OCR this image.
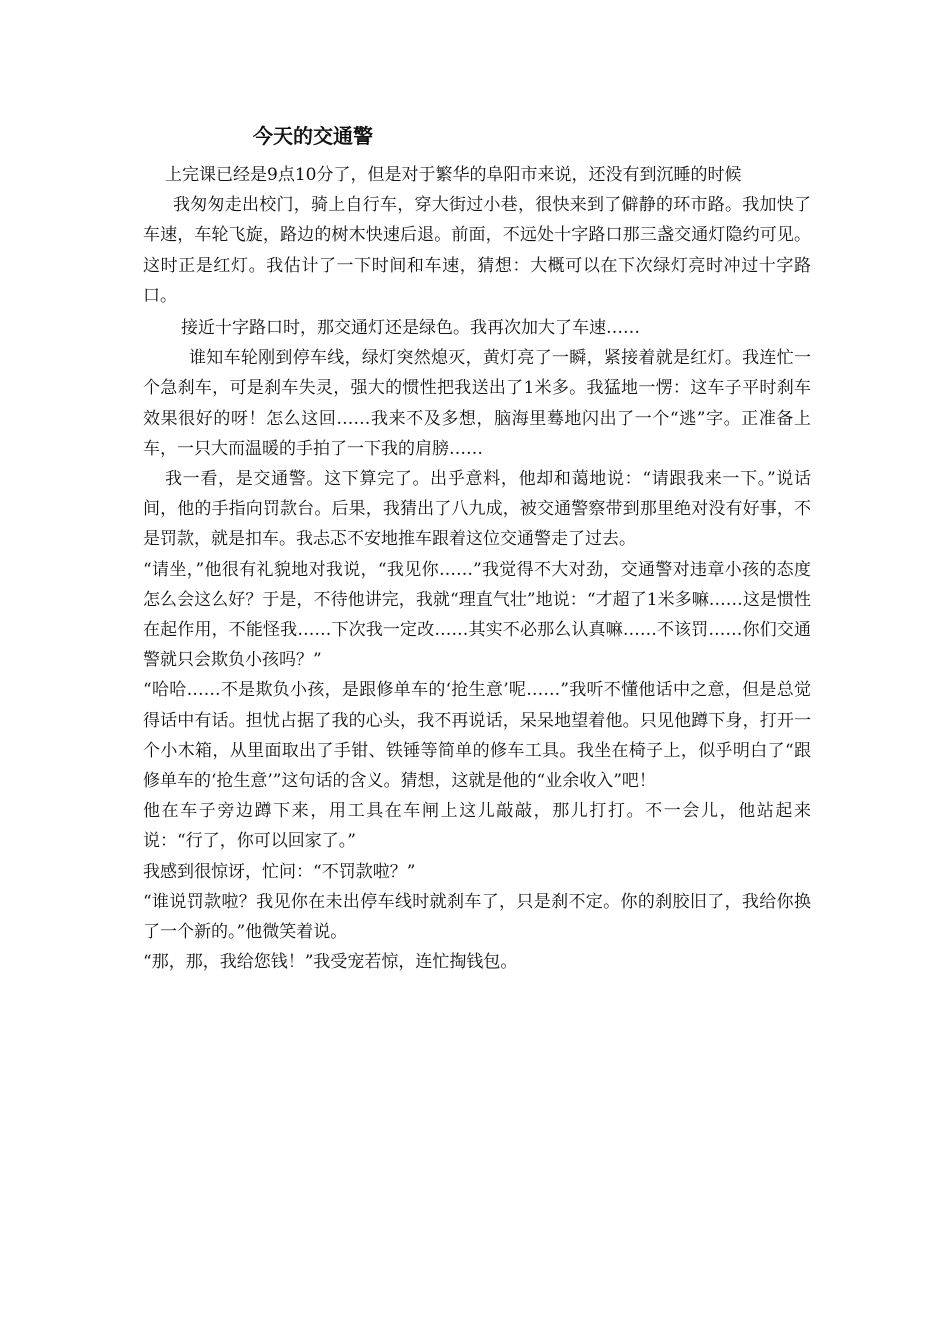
今天的交通警

上完课已经是9点10分了，但是对于繁华的阜阳市来说，还没有到沉睡的时候

我匆匆走出校门，骑上自行车，穿大街过小巷，很快来到了僻静的环市路。我加快了车速，车轮飞旋，路边的树木快速后退。前面，不远处十字路口那三盏交通灯隐约可见。这时正是红灯。我估计了一下时间和车速，猜想：大概可以在下次绿灯亮时冲过十字路口。

接近十字路口时，那交通灯还是绿色。我再次加大了车速……

谁知车轮刚到停车线，绿灯突然熄灭，黄灯亮了一瞬，紧接着就是红灯。我连忙一个急刹车，可是刹车失灵，强大的惯性把我送出了1米多。我猛地一愣：这车子平时刹车效果很好的呀！怎么这回……我来不及多想，脑海里蓦地闪出了一个“逃”字。正准备上车，一只大而温暖的手拍了一下我的肩膀……

我一看，是交通警。这下算完了。出乎意料，他却和蔼地说：“请跟我来一下。”说话间，他的手指向罚款台。后果，我猜出了八九成，被交通警察带到那里绝对没有好事，不是罚款，就是扣车。我忐忑不安地推车跟着这位交通警走了过去。

“请坐，”他很有礼貌地对我说，“我见你……”我觉得不大对劲，交通警对违章小孩的态度怎么会这么好？于是，不待他讲完，我就“理直气壮”地说：“才超了1米多嘛……这是惯性在起作用，不能怪我……下次我一定改……其实不必那么认真嘛……不该罚……你们交通警就只会欺负小孩吗？”

“哈哈……不是欺负小孩，是跟修单车的‘抢生意’呢……”我听不懂他话中之意，但是总觉得话中有话。担忧占据了我的心头，我不再说话，呆呆地望着他。只见他蹲下身，打开一个小木箱，从里面取出了手钳、铁锤等简单的修车工具。我坐在椅子上，似乎明白了“跟修单车的‘抢生意’”这句话的含义。猜想，这就是他的“业余收入”吧！

他在车子旁边蹲下来，用工具在车闸上这儿敲敲，那儿打打。不一会儿，他站起来说：“行了，你可以回家了。”

我感到很惊讶，忙问：“不罚款啦？”

“谁说罚款啦？我见你在未出停车线时就刹车了，只是刹不定。你的刹胶旧了，我给你换了一个新的。”他微笑着说。

“那，那，我给您钱！”我受宠若惊，连忙掏钱包。
